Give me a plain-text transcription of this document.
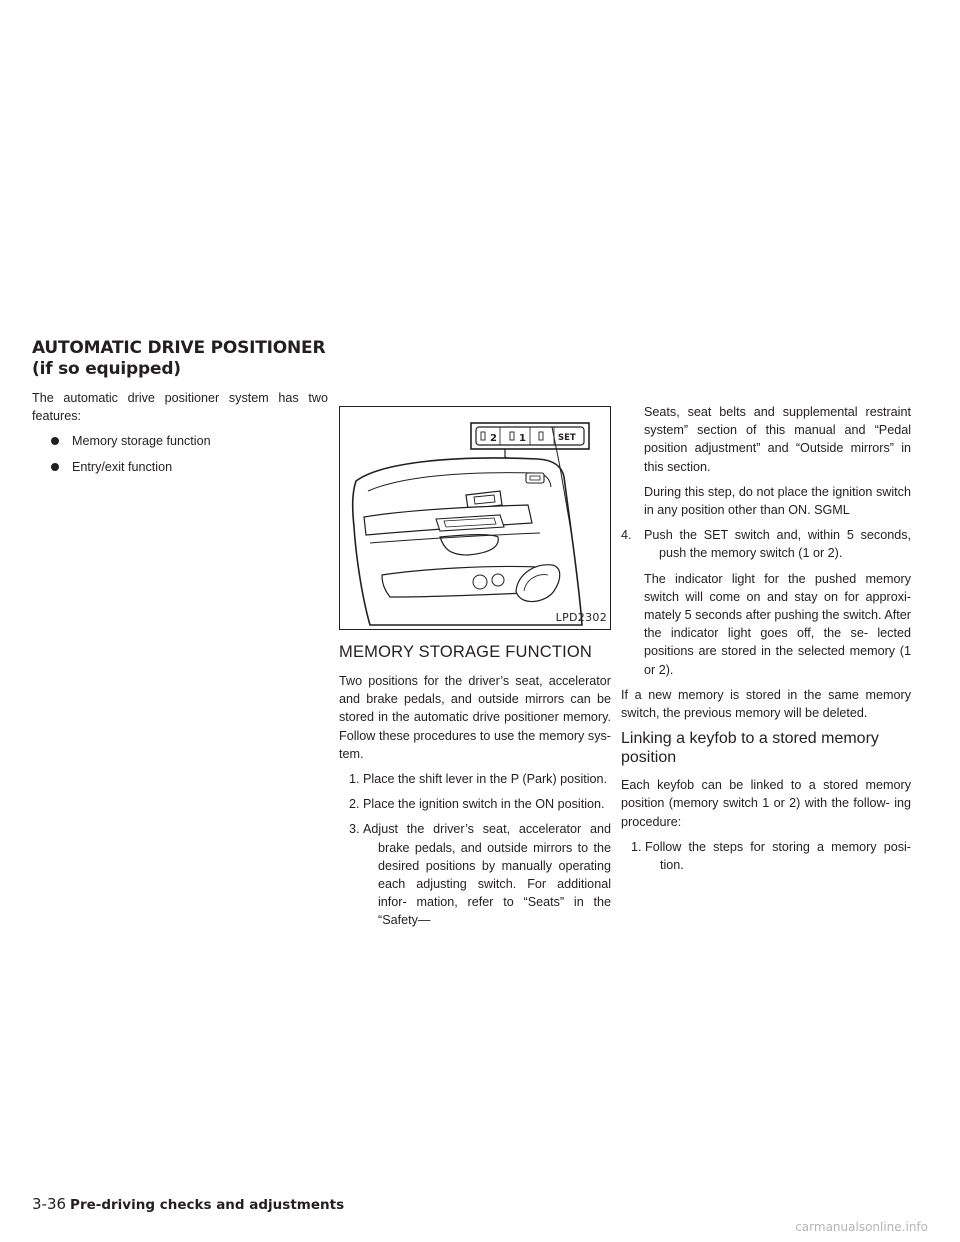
AUTOMATIC DRIVE POSITIONER (if so equipped)

The automatic drive positioner system has two features:

Memory storage function
Entry/exit function
2 1	SET
LPD2302
MEMORY STORAGE FUNCTION

Two positions for the driver’s seat, accelerator and brake pedals, and outside mirrors can be stored in the automatic drive positioner memory. Follow these procedures to use the memory sys- tem.

1. Place the shift lever in the P (Park) position.
2. Place the ignition switch in the ON position.
3. Adjust the driver’s seat, accelerator and brake pedals, and outside mirrors to the desired positions by manually operating each adjusting switch. For additional infor- mation, refer to “Seats” in the “Safety—

Seats, seat belts and supplemental restraint system” section of this manual and “Pedal position adjustment” and “Outside mirrors” in this section.

During this step, do not place the ignition switch in any position other than ON. SGML

4. Push the SET switch and, within 5 seconds, push the memory switch (1 or 2).

The indicator light for the pushed memory switch will come on and stay on for approxi- mately 5 seconds after pushing the switch. After the indicator light goes off, the se- lected positions are stored in the selected memory (1 or 2).

If a new memory is stored in the same memory switch, the previous memory will be deleted.

Linking a keyfob to a stored memory position

Each keyfob can be linked to a stored memory position (memory switch 1 or 2) with the follow- ing procedure:

1. Follow the steps for storing a memory posi- tion.
3-36 Pre-driving checks and adjustments
carmanualsonline.info
